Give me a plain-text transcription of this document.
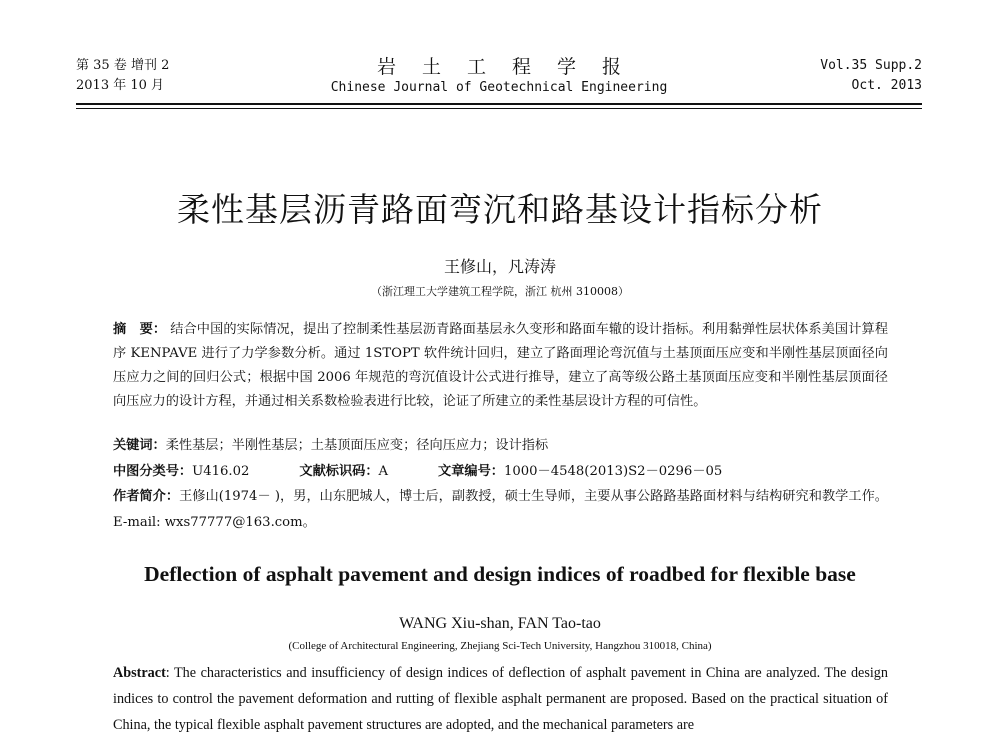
第 35 卷 增刊 2
2013 年 10 月
岩土工程学报
Chinese Journal of Geotechnical Engineering
Vol.35 Supp.2
Oct. 2013
柔性基层沥青路面弯沉和路基设计指标分析
王修山，凡涛涛
（浙江理工大学建筑工程学院，浙江 杭州 310008）
摘　要： 结合中国的实际情况，提出了控制柔性基层沥青路面基层永久变形和路面车辙的设计指标。利用黏弹性层状体系美国计算程序 KENPAVE 进行了力学参数分析。通过 1STOPT 软件统计回归，建立了路面理论弯沉值与土基顶面压应变和半刚性基层顶面径向压应力之间的回归公式；根据中国 2006 年规范的弯沉值设计公式进行推导，建立了高等级公路土基顶面压应变和半刚性基层顶面径向压应力的设计方程，并通过相关系数检验表进行比较，论证了所建立的柔性基层设计方程的可信性。
关键词：柔性基层；半刚性基层；土基顶面压应变；径向压应力；设计指标
中图分类号：U416.02	文献标识码：A	文章编号：1000－4548(2013)S2－0296－05
作者简介：王修山(1974－ )，男，山东肥城人，博士后，副教授，硕士生导师，主要从事公路路基路面材料与结构研究和教学工作。E-mail: wxs77777@163.com。
Deflection of asphalt pavement and design indices of roadbed for flexible base
WANG Xiu-shan, FAN Tao-tao
(College of Architectural Engineering, Zhejiang Sci-Tech University, Hangzhou 310018, China)
Abstract: The characteristics and insufficiency of design indices of deflection of asphalt pavement in China are analyzed. The design indices to control the pavement deformation and rutting of flexible asphalt permanent are proposed. Based on the practical situation of China, the typical flexible asphalt pavement structures are adopted, and the mechanical parameters are
